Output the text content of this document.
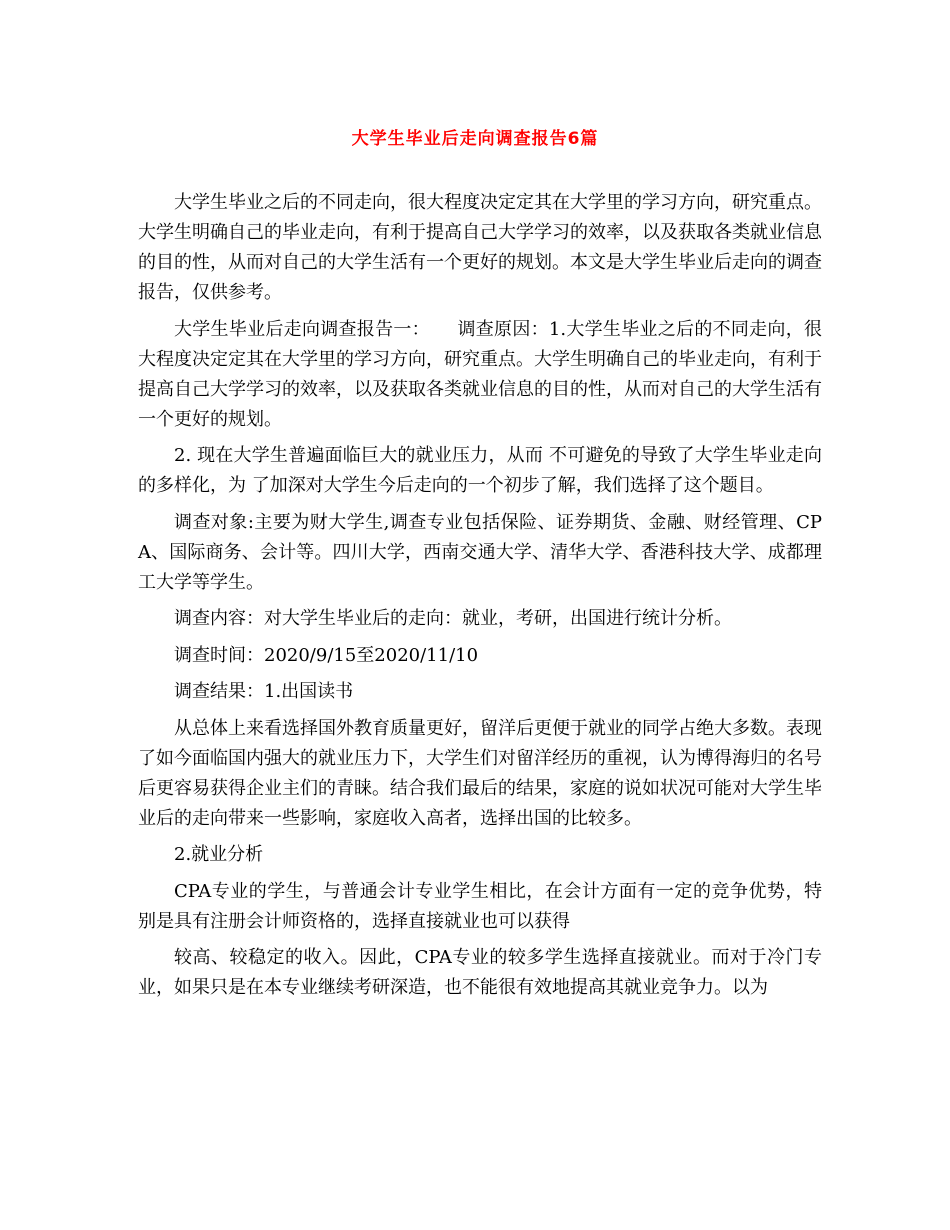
大学生毕业后走向调查报告6篇

大学生毕业之后的不同走向，很大程度决定定其在大学里的学习方向，研究重点。大学生明确自己的毕业走向，有利于提高自己大学学习的效率，以及获取各类就业信息的目的性，从而对自己的大学生活有一个更好的规划。本文是大学生毕业后走向的调查报告，仅供参考。

大学生毕业后走向调查报告一：　　调查原因：1.大学生毕业之后的不同走向，很大程度决定定其在大学里的学习方向，研究重点。大学生明确自己的毕业走向，有利于提高自己大学学习的效率，以及获取各类就业信息的目的性，从而对自己的大学生活有一个更好的规划。

2. 现在大学生普遍面临巨大的就业压力，从而 不可避免的导致了大学生毕业走向的多样化，为 了加深对大学生今后走向的一个初步了解，我们选择了这个题目。

调查对象:主要为财大学生,调查专业包括保险、证券期货、金融、财经管理、CPA、国际商务、会计等。四川大学，西南交通大学、清华大学、香港科技大学、成都理工大学等学生。

调查内容：对大学生毕业后的走向：就业，考研，出国进行统计分析。

调查时间：2020/9/15至2020/11/10

调查结果：1.出国读书

从总体上来看选择国外教育质量更好，留洋后更便于就业的同学占绝大多数。表现了如今面临国内强大的就业压力下，大学生们对留洋经历的重视，认为博得海归的名号后更容易获得企业主们的青睐。结合我们最后的结果，家庭的说如状况可能对大学生毕业后的走向带来一些影响，家庭收入高者，选择出国的比较多。

2.就业分析

CPA专业的学生，与普通会计专业学生相比，在会计方面有一定的竞争优势，特别是具有注册会计师资格的，选择直接就业也可以获得

较高、较稳定的收入。因此，CPA专业的较多学生选择直接就业。而对于冷门专业，如果只是在本专业继续考研深造，也不能很有效地提高其就业竞争力。以为
